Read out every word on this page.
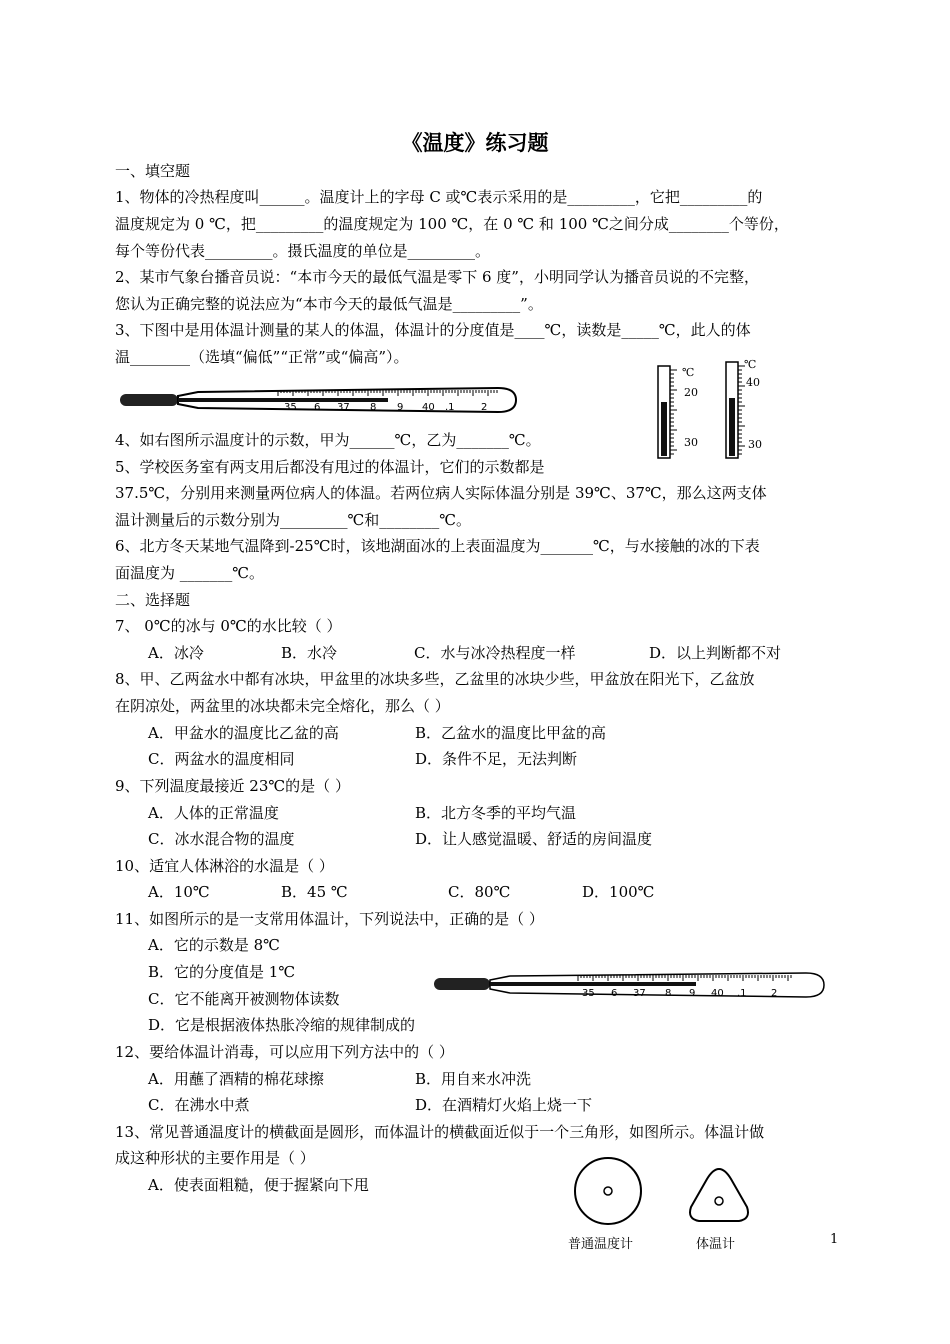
《温度》练习题
一、填空题
1、物体的冷热程度叫______。温度计上的字母 C 或℃表示采用的是_________，它把_________的
温度规定为 0 ℃，把_________的温度规定为 100 ℃，在 0 ℃ 和 100 ℃之间分成________个等份，
每个等份代表_________。摄氏温度的单位是_________。
2、某市气象台播音员说：“本市今天的最低气温是零下 6 度”，小明同学认为播音员说的不完整，
您认为正确完整的说法应为“本市今天的最低气温是_________”。
3、下图中是用体温计测量的某人的体温，体温计的分度值是____℃，读数是_____℃，此人的体
温________（选填“偏低”“正常”或“偏高”）。
35 6 37 8 9 40 .1	2
℃
20
30
℃
40
30
4、如右图所示温度计的示数，甲为______℃，乙为_______℃。
5、学校医务室有两支用后都没有甩过的体温计，它们的示数都是
37.5℃，分别用来测量两位病人的体温。若两位病人实际体温分别是 39℃、37℃，那么这两支体
温计测量后的示数分别为_________℃和________℃。
6、北方冬天某地气温降到-25℃时，该地湖面冰的上表面温度为_______℃，与水接触的冰的下表
面温度为 _______℃。
二、选择题
7、 0℃的冰与 0℃的水比较（ ）
A．冰冷	B．水冷	C．水与冰冷热程度一样	D．以上判断都不对
8、甲、乙两盆水中都有冰块，甲盆里的冰块多些，乙盆里的冰块少些，甲盆放在阳光下，乙盆放
在阴凉处，两盆里的冰块都未完全熔化，那么（ ）
A．甲盆水的温度比乙盆的高	B．乙盆水的温度比甲盆的高
C．两盆水的温度相同	D．条件不足，无法判断
9、下列温度最接近 23℃的是（ ）
A．人体的正常温度	B．北方冬季的平均气温
C．冰水混合物的温度	D．让人感觉温暖、舒适的房间温度
10、适宜人体淋浴的水温是（ ）
A．10℃	B．45 ℃	C．80℃	D．100℃
11、如图所示的是一支常用体温计，下列说法中，正确的是（ ）
A．它的示数是 8℃
B．它的分度值是 1℃
C．它不能离开被测物体读数
D．它是根据液体热胀冷缩的规律制成的
35 6 37 8 9 40 .1 2
12、要给体温计消毒，可以应用下列方法中的（ ）
A．用蘸了酒精的棉花球擦	B．用自来水冲洗
C．在沸水中煮	D．在酒精灯火焰上烧一下
13、常见普通温度计的横截面是圆形，而体温计的横截面近似于一个三角形，如图所示。体温计做
成这种形状的主要作用是（ ）
A．使表面粗糙，便于握紧向下甩
普通温度计	体温计	1
